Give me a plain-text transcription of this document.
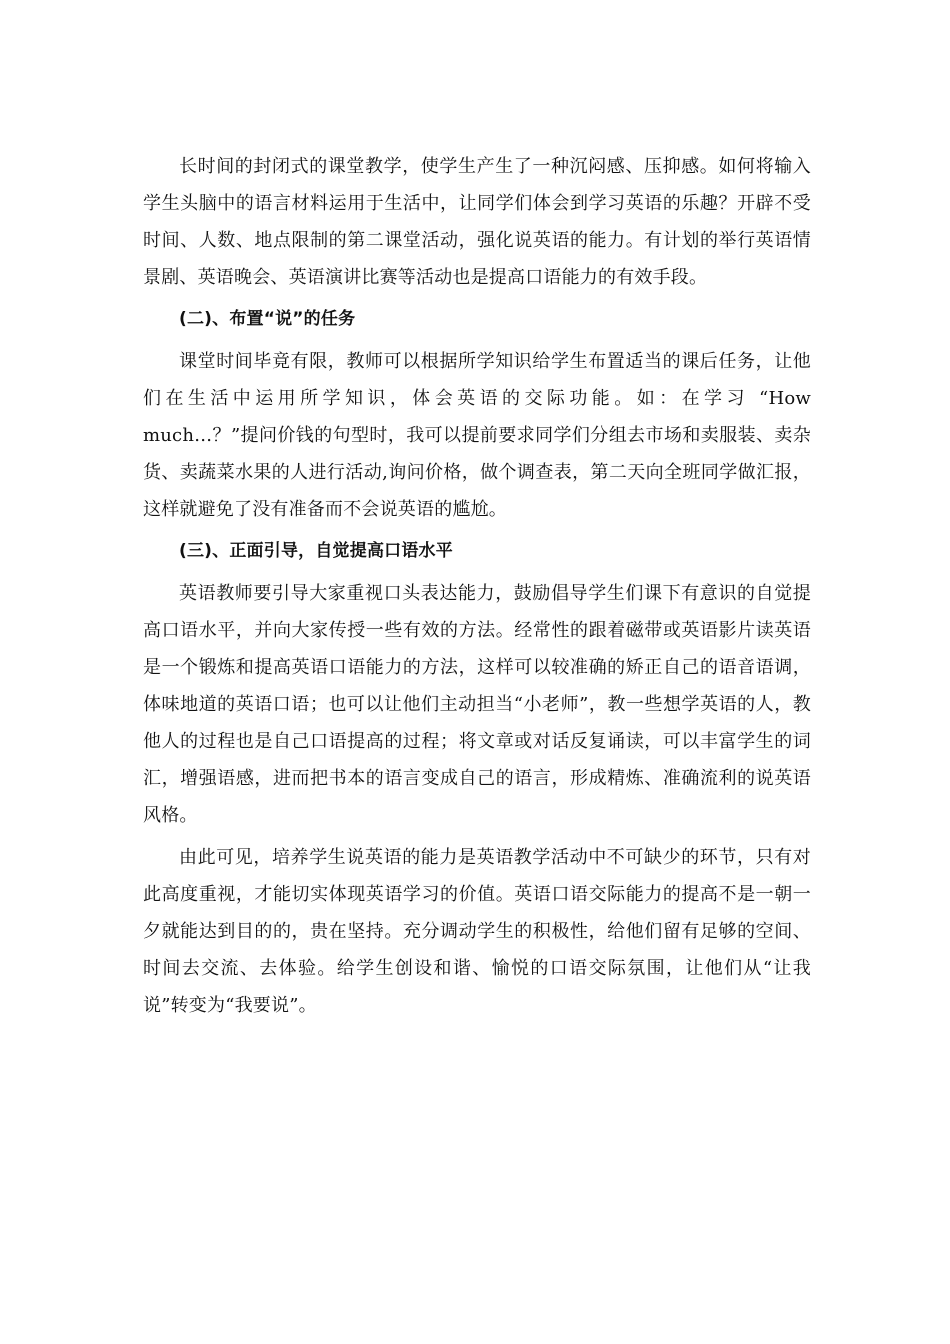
长时间的封闭式的课堂教学，使学生产生了一种沉闷感、压抑感。如何将输入学生头脑中的语言材料运用于生活中，让同学们体会到学习英语的乐趣？开辟不受时间、人数、地点限制的第二课堂活动，强化说英语的能力。有计划的举行英语情景剧、英语晚会、英语演讲比赛等活动也是提高口语能力的有效手段。

(二)、布置“说”的任务

课堂时间毕竟有限，教师可以根据所学知识给学生布置适当的课后任务，让他们在生活中运用所学知识，体会英语的交际功能。如：在学习 “How much…？”提问价钱的句型时，我可以提前要求同学们分组去市场和卖服装、卖杂货、卖蔬菜水果的人进行活动,询问价格，做个调查表，第二天向全班同学做汇报，这样就避免了没有准备而不会说英语的尴尬。

(三)、正面引导，自觉提高口语水平

英语教师要引导大家重视口头表达能力，鼓励倡导学生们课下有意识的自觉提高口语水平，并向大家传授一些有效的方法。经常性的跟着磁带或英语影片读英语是一个锻炼和提高英语口语能力的方法，这样可以较准确的矫正自己的语音语调，体味地道的英语口语；也可以让他们主动担当“小老师”，教一些想学英语的人，教他人的过程也是自己口语提高的过程；将文章或对话反复诵读，可以丰富学生的词汇，增强语感，进而把书本的语言变成自己的语言，形成精炼、准确流利的说英语风格。

由此可见，培养学生说英语的能力是英语教学活动中不可缺少的环节，只有对此高度重视，才能切实体现英语学习的价值。英语口语交际能力的提高不是一朝一夕就能达到目的的，贵在坚持。充分调动学生的积极性，给他们留有足够的空间、时间去交流、去体验。给学生创设和谐、愉悦的口语交际氛围，让他们从“让我说”转变为“我要说”。
